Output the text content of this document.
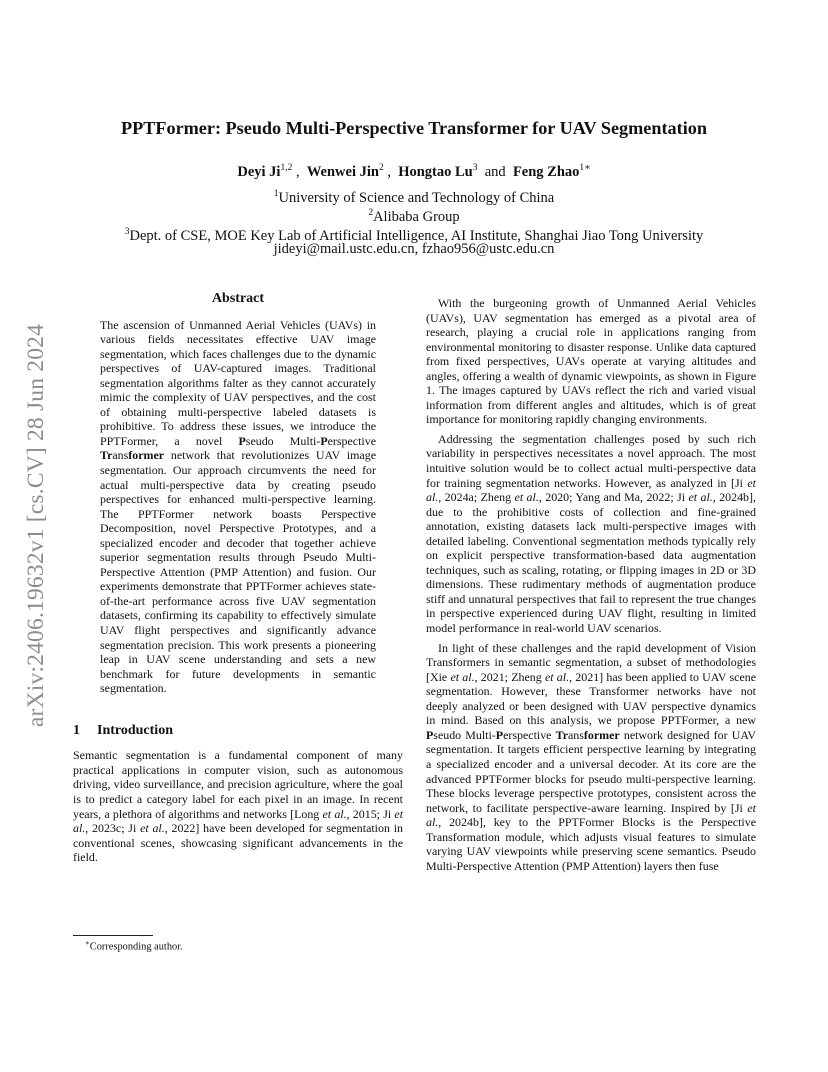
arXiv:2406.19632v1 [cs.CV] 28 Jun 2024
PPTFormer: Pseudo Multi-Perspective Transformer for UAV Segmentation
Deyi Ji$^{1,2}$ ,  Wenwei Jin$^2$ ,  Hongtao Lu$^3$ and Feng Zhao$^{1∗}$
$^1$University of Science and Technology of China
$^2$Alibaba Group
$^3$Dept. of CSE, MOE Key Lab of Artificial Intelligence, AI Institute, Shanghai Jiao Tong University
jideyi@mail.ustc.edu.cn, fzhao956@ustc.edu.cn
Abstract

The ascension of Unmanned Aerial Vehicles (UAVs) in various fields necessitates effective UAV image segmentation, which faces challenges due to the dynamic perspectives of UAV-captured images. Traditional segmentation algorithms falter as they cannot accurately mimic the complexity of UAV perspectives, and the cost of obtaining multi-perspective labeled datasets is prohibitive. To address these issues, we introduce the PPTFormer, a novel Pseudo Multi-Perspective Transformer network that revolutionizes UAV image segmentation. Our approach circumvents the need for actual multi-perspective data by creating pseudo perspectives for enhanced multi-perspective learning. The PPTFormer network boasts Perspective Decomposition, novel Perspective Prototypes, and a specialized encoder and decoder that together achieve superior segmentation results through Pseudo Multi-Perspective Attention (PMP Attention) and fusion. Our experiments demonstrate that PPTFormer achieves state-of-the-art performance across five UAV segmentation datasets, confirming its capability to effectively simulate UAV flight perspectives and significantly advance segmentation precision. This work presents a pioneering leap in UAV scene understanding and sets a new benchmark for future developments in semantic segmentation.

1 Introduction

Semantic segmentation is a fundamental component of many practical applications in computer vision, such as autonomous driving, video surveillance, and precision agriculture, where the goal is to predict a category label for each pixel in an image. In recent years, a plethora of algorithms and networks [Long et al., 2015; Ji et al., 2023c; Ji et al., 2022] have been developed for segmentation in conventional scenes, showcasing significant advancements in the field.

With the burgeoning growth of Unmanned Aerial Vehicles (UAVs), UAV segmentation has emerged as a pivotal area of research, playing a crucial role in applications ranging from environmental monitoring to disaster response. Unlike data captured from fixed perspectives, UAVs operate at varying altitudes and angles, offering a wealth of dynamic viewpoints, as shown in Figure 1. The images captured by UAVs reflect the rich and varied visual information from different angles and altitudes, which is of great importance for monitoring rapidly changing environments.

Addressing the segmentation challenges posed by such rich variability in perspectives necessitates a novel approach. The most intuitive solution would be to collect actual multi-perspective data for training segmentation networks. However, as analyzed in [Ji et al., 2024a; Zheng et al., 2020; Yang and Ma, 2022; Ji et al., 2024b], due to the prohibitive costs of collection and fine-grained annotation, existing datasets lack multi-perspective images with detailed labeling. Conventional segmentation methods typically rely on explicit perspective transformation-based data augmentation techniques, such as scaling, rotating, or flipping images in 2D or 3D dimensions. These rudimentary methods of augmentation produce stiff and unnatural perspectives that fail to represent the true changes in perspective experienced during UAV flight, resulting in limited model performance in real-world UAV scenarios.

In light of these challenges and the rapid development of Vision Transformers in semantic segmentation, a subset of methodologies [Xie et al., 2021; Zheng et al., 2021] has been applied to UAV scene segmentation. However, these Transformer networks have not deeply analyzed or been designed with UAV perspective dynamics in mind. Based on this analysis, we propose PPTFormer, a new Pseudo Multi-Perspective Transformer network designed for UAV segmentation. It targets efficient perspective learning by integrating a specialized encoder and a universal decoder. At its core are the advanced PPTFormer blocks for pseudo multi-perspective learning. These blocks leverage perspective prototypes, consistent across the network, to facilitate perspective-aware learning. Inspired by [Ji et al., 2024b], key to the PPTFormer Blocks is the Perspective Transformation module, which adjusts visual features to simulate varying UAV viewpoints while preserving scene semantics. Pseudo Multi-Perspective Attention (PMP Attention) layers then fuse

∗Corresponding author.
